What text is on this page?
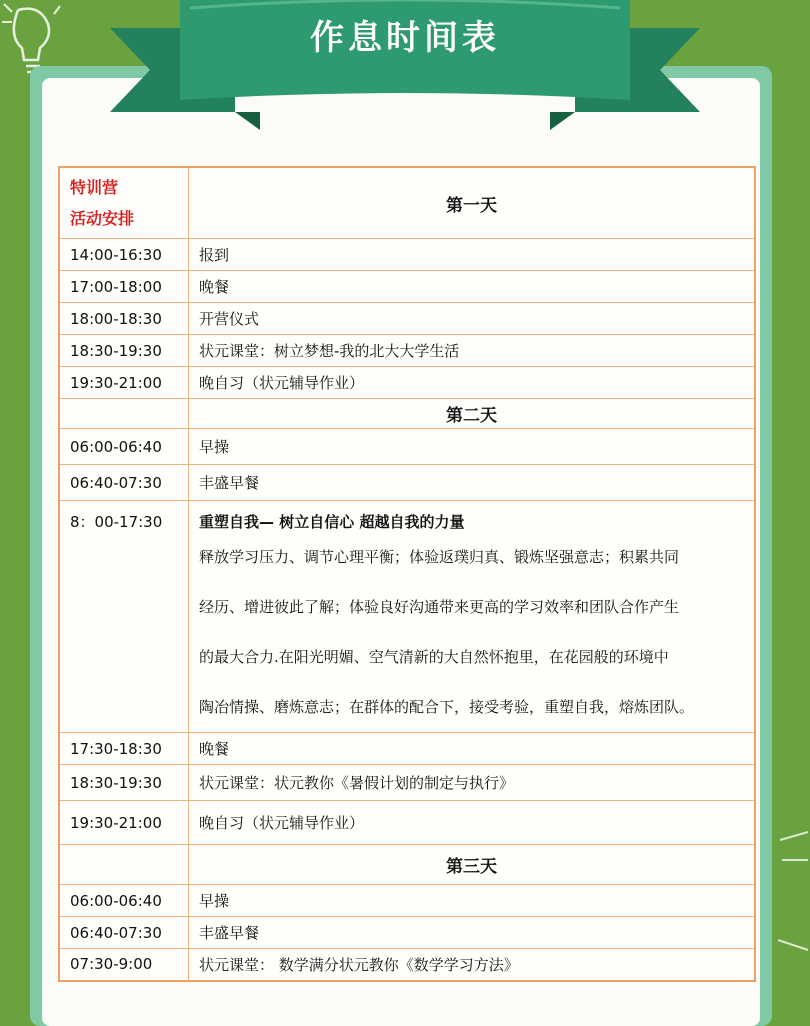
作息时间表
特训营
活动安排	第一天
14:00-16:30	报到
17:00-18:00	晚餐
18:00-18:30	开营仪式
18:30-19:30	状元课堂：树立梦想-我的北大大学生活
19:30-21:00	晚自习（状元辅导作业）
	第二天
06:00-06:40	早操
06:40-07:30	丰盛早餐
8：00-17:30	重塑自我— 树立自信心 超越自我的力量
释放学习压力、调节心理平衡；体验返璞归真、锻炼坚强意志；积累共同
经历、增进彼此了解；体验良好沟通带来更高的学习效率和团队合作产生
的最大合力.在阳光明媚、空气清新的大自然怀抱里，在花园般的环境中
陶冶情操、磨炼意志；在群体的配合下，接受考验，重塑自我，熔炼团队。

17:30-18:30	晚餐
18:30-19:30	状元课堂：状元教你《暑假计划的制定与执行》
19:30-21:00	晚自习（状元辅导作业）
	第三天
06:00-06:40	早操
06:40-07:30	丰盛早餐
07:30-9:00	状元课堂： 数学满分状元教你《数学学习方法》
